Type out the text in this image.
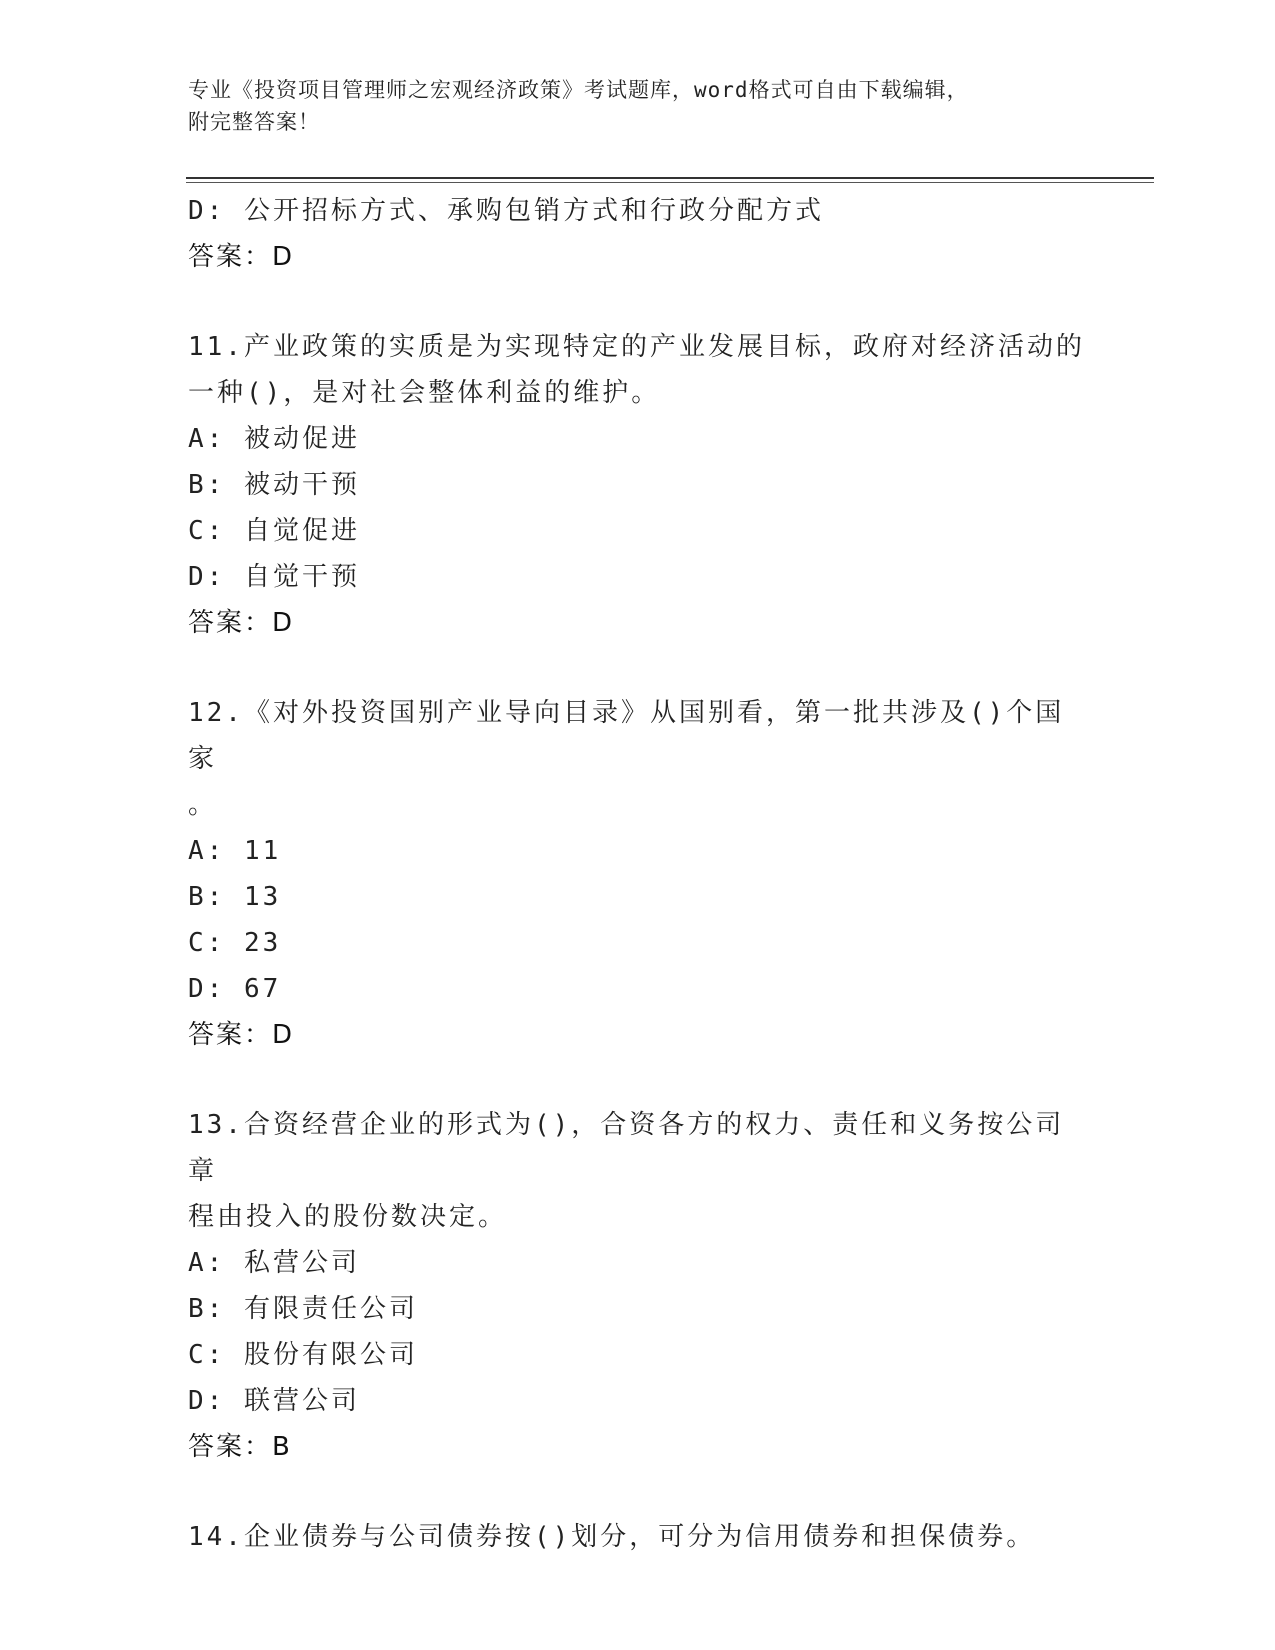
专业《投资项目管理师之宏观经济政策》考试题库，word格式可自由下载编辑，
附完整答案！
D: 公开招标方式、承购包销方式和行政分配方式
答案：D
11.产业政策的实质是为实现特定的产业发展目标，政府对经济活动的
一种()，是对社会整体利益的维护。
A: 被动促进
B: 被动干预
C: 自觉促进
D: 自觉干预
答案：D
12.《对外投资国别产业导向目录》从国别看，第一批共涉及()个国家
。
A: 11
B: 13
C: 23
D: 67
答案：D
13.合资经营企业的形式为()，合资各方的权力、责任和义务按公司章
程由投入的股份数决定。
A: 私营公司
B: 有限责任公司
C: 股份有限公司
D: 联营公司
答案：B
14.企业债券与公司债券按()划分，可分为信用债券和担保债券。
